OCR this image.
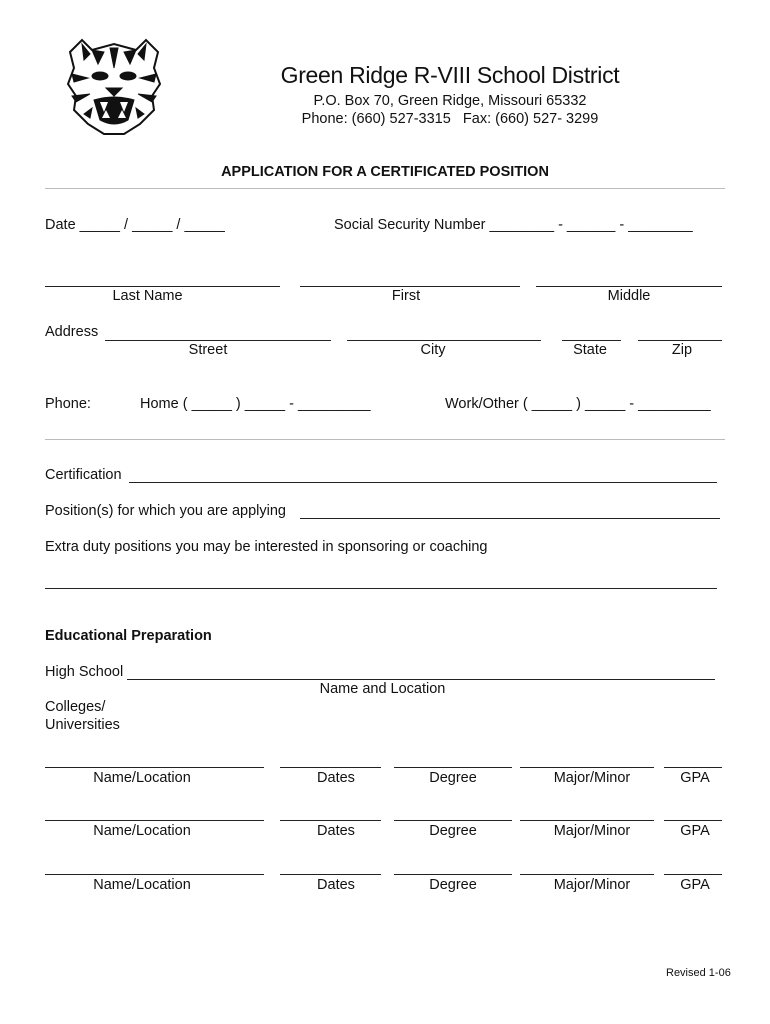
Green Ridge R-VIII School District
P.O. Box 70, Green Ridge, Missouri 65332
Phone: (660) 527-3315   Fax: (660) 527- 3299
APPLICATION FOR A CERTIFICATED POSITION
Date _____ / _____ / _____	Social Security Number ________ - ______ - ________
Last Name	First	Middle
Address
Street	City	State	Zip
Phone:	Home ( _____ ) _____ - _________	Work/Other ( _____ ) _____ - _________
Certification
Position(s) for which you are applying
Extra duty positions you may be interested in sponsoring or coaching
Educational Preparation
High School
Name and Location
Colleges/
Universities
Name/Location	Dates	Degree	Major/Minor	GPA
Name/Location	Dates	Degree	Major/Minor	GPA
Name/Location	Dates	Degree	Major/Minor	GPA
Revised 1-06
